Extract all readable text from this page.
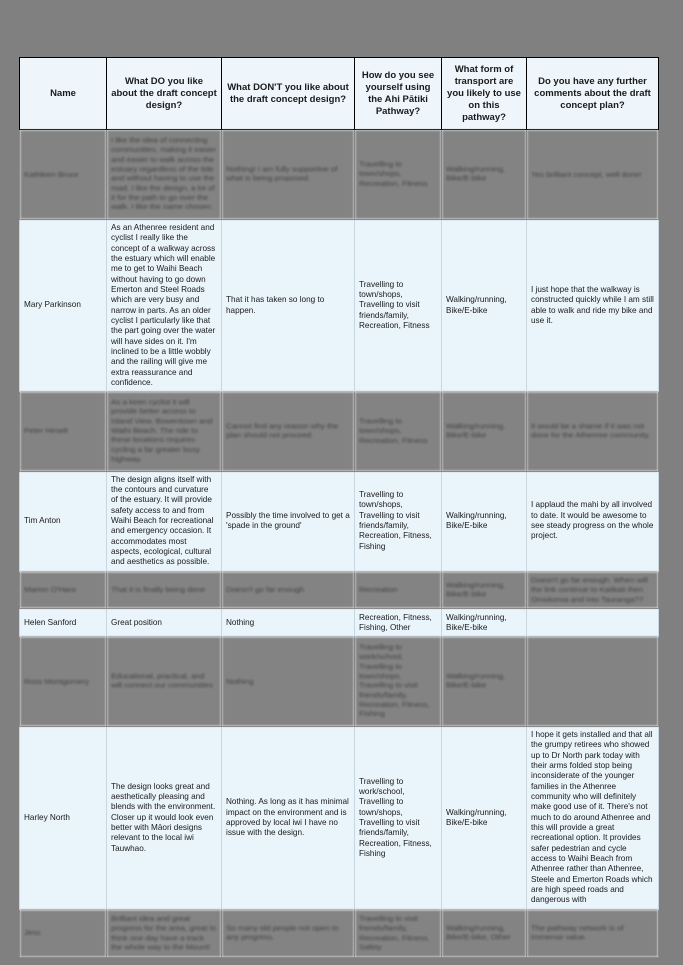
Name	What DO you like about the draft concept design?	What DON'T you like about the draft concept design?	How do you see yourself using the Ahi Pātiki Pathway?	What form of transport are you likely to use on this pathway?	Do you have any further comments about the draft concept plan?

Kathleen Bruce	I like the idea of connecting communities, making it easier and easier to walk across the estuary regardless of the tide and without having to use the road. I like the design, a lot of it for the path to go over the walk. I like the name chosen.	Nothing! I am fully supportive of what is being proposed.	Travelling to town/shops, Recreation, Fitness	Walking/running, Bike/E-bike	Yes brilliant concept, well done!

Mary Parkinson	As an Athenree resident and cyclist I really like the concept of a walkway across the estuary which will enable me to get to Waihi Beach without having to go down Emerton and Steel Roads which are very busy and narrow in parts. As an older cyclist I particularly like that the part going over the water will have sides on it. I'm inclined to be a little wobbly and the railing will give me extra reassurance and confidence.	That it has taken so long to happen.	Travelling to town/shops, Travelling to visit friends/family, Recreation, Fitness	Walking/running, Bike/E-bike	I just hope that the walkway is constructed quickly while I am still able to walk and ride my bike and use it.

Peter Heselt	As a keen cyclist it will provide better access to Island View, Bowentown and Waihi Beach. The ride to these locations requires cycling a far greater busy highway.	Cannot find any reason why the plan should not proceed.	Travelling to town/shops, Recreation, Fitness	Walking/running, Bike/E-bike	It would be a shame if it was not done for the Athenree community.

Tim Anton	The design aligns itself with the contours and curvature of the estuary. It will provide safety access to and from Waihi Beach for recreational and emergency occasion. It accommodates most aspects, ecological, cultural and aesthetics as possible.	Possibly the time involved to get a 'spade in the ground'	Travelling to town/shops, Travelling to visit friends/family, Recreation, Fitness, Fishing	Walking/running, Bike/E-bike	I applaud the mahi by all involved to date. It would be awesome to see steady progress on the whole project.

Marion O'Hara	That it is finally being done	Doesn't go far enough	Recreation	Walking/running, Bike/E-bike	Doesn't go far enough. When will the link continue to Katikati then Omokoroa and into Tauranga??

Helen Sanford	Great position	Nothing	Recreation, Fitness, Fishing, Other	Walking/running, Bike/E-bike	

Ross Montgomery	Educational, practical, and will connect our communities	Nothing	Travelling to work/school, Travelling to town/shops, Travelling to visit friends/family, Recreation, Fitness, Fishing	Walking/running, Bike/E-bike	

Harley North	The design looks great and aesthetically pleasing and blends with the environment. Closer up it would look even better with Māori designs relevant to the local iwi Tauwhao.	Nothing. As long as it has minimal impact on the environment and is approved by local iwi I have no issue with the design.	Travelling to work/school, Travelling to town/shops, Travelling to visit friends/family, Recreation, Fitness, Fishing	Walking/running, Bike/E-bike	I hope it gets installed and that all the grumpy retirees who showed up to Dr North park today with their arms folded stop being inconsiderate of the younger families in the Athenree community who will definitely make good use of it. There's not much to do around Athenree and this will provide a great recreational option. It provides safer pedestrian and cycle access to Waihi Beach from Athenree rather than Athenree, Steele and Emerton Roads which are high speed roads and dangerous with

Jess	Brilliant idea and great progress for the area, great to think one day have a track the whole way to the Mount!	So many old people not open to any progress.	Travelling to visit friends/family, Recreation, Fitness, Safety	Walking/running, Bike/E-bike, Other	The pathway network is of immense value.
